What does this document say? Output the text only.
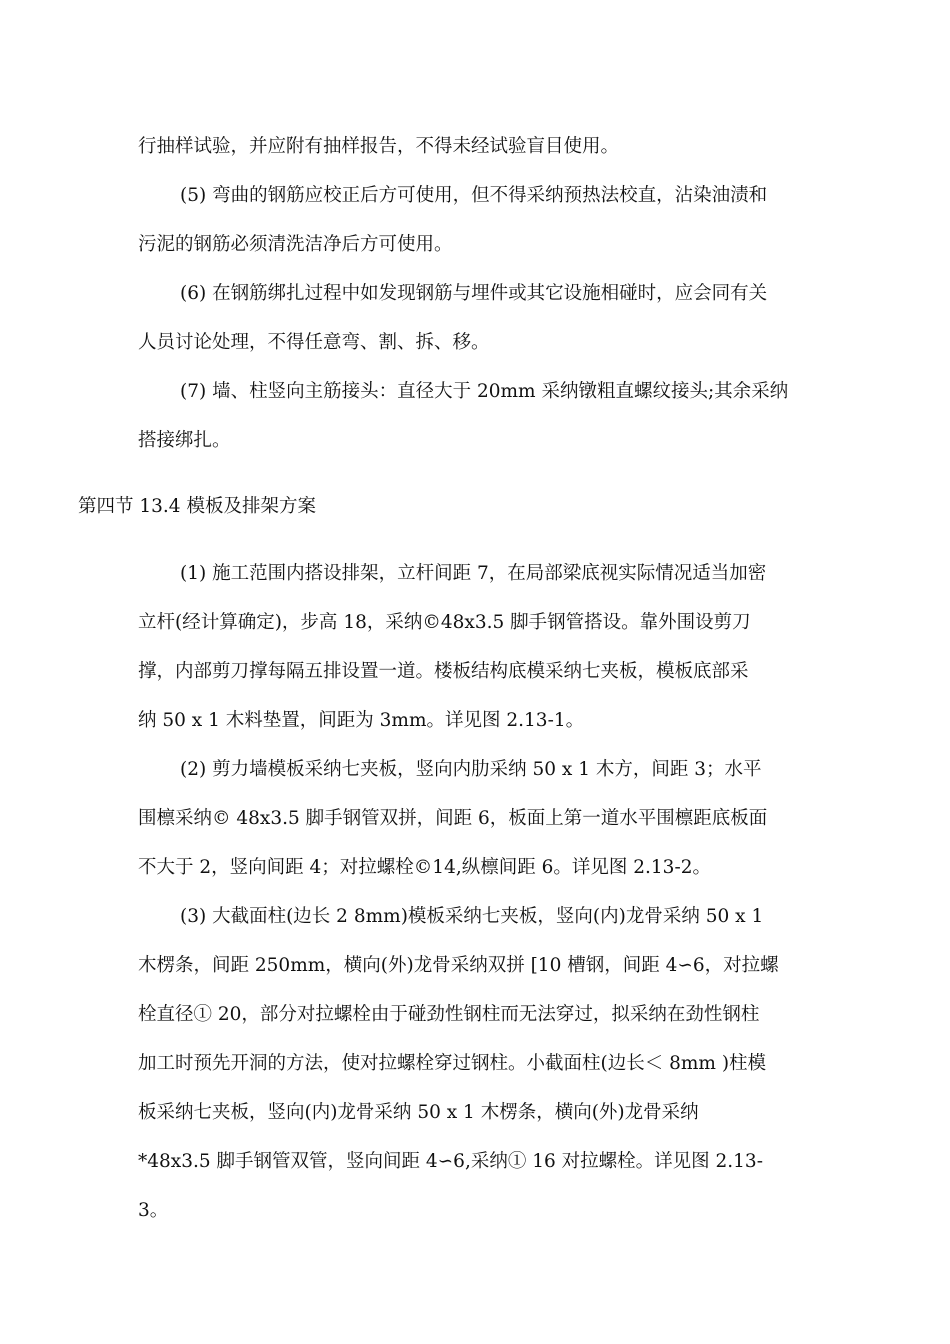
行抽样试验，并应附有抽样报告，不得未经试验盲目使用。
(5) 弯曲的钢筋应校正后方可使用，但不得采纳预热法校直，沾染油渍和
污泥的钢筋必须清洗洁净后方可使用。
(6) 在钢筋绑扎过程中如发现钢筋与埋件或其它设施相碰时，应会同有关
人员讨论处理，不得任意弯、割、拆、移。
(7) 墙、柱竖向主筋接头：直径大于 20mm 采纳镦粗直螺纹接头;其余采纳
搭接绑扎。
第四节 13.4 模板及排架方案
(1) 施工范围内搭设排架，立杆间距 7，在局部梁底视实际情况适当加密
立杆(经计算确定)，步高 18，采纳©48x3.5 脚手钢管搭设。靠外围设剪刀
撑，内部剪刀撑每隔五排设置一道。楼板结构底模采纳七夹板，模板底部采
纳 50 x 1 木料垫置，间距为 3mm。详见图 2.13-1。
(2) 剪力墙模板采纳七夹板，竖向内肋采纳 50 x 1 木方，间距 3；水平
围檩采纳© 48x3.5 脚手钢管双拼，间距 6，板面上第一道水平围檩距底板面
不大于 2，竖向间距 4；对拉螺栓©14,纵檩间距 6。详见图 2.13-2。
(3) 大截面柱(边长 2 8mm)模板采纳七夹板，竖向(内)龙骨采纳 50 x 1
木楞条，间距 250mm，横向(外)龙骨采纳双拼 [10 槽钢，间距 4∽6，对拉螺
栓直径① 20，部分对拉螺栓由于碰劲性钢柱而无法穿过，拟采纳在劲性钢柱
加工时预先开洞的方法，使对拉螺栓穿过钢柱。小截面柱(边长＜ 8mm )柱模
板采纳七夹板，竖向(内)龙骨采纳 50 x 1 木楞条，横向(外)龙骨采纳
*48x3.5 脚手钢管双管，竖向间距 4∽6,采纳① 16 对拉螺栓。详见图 2.13-
3。
